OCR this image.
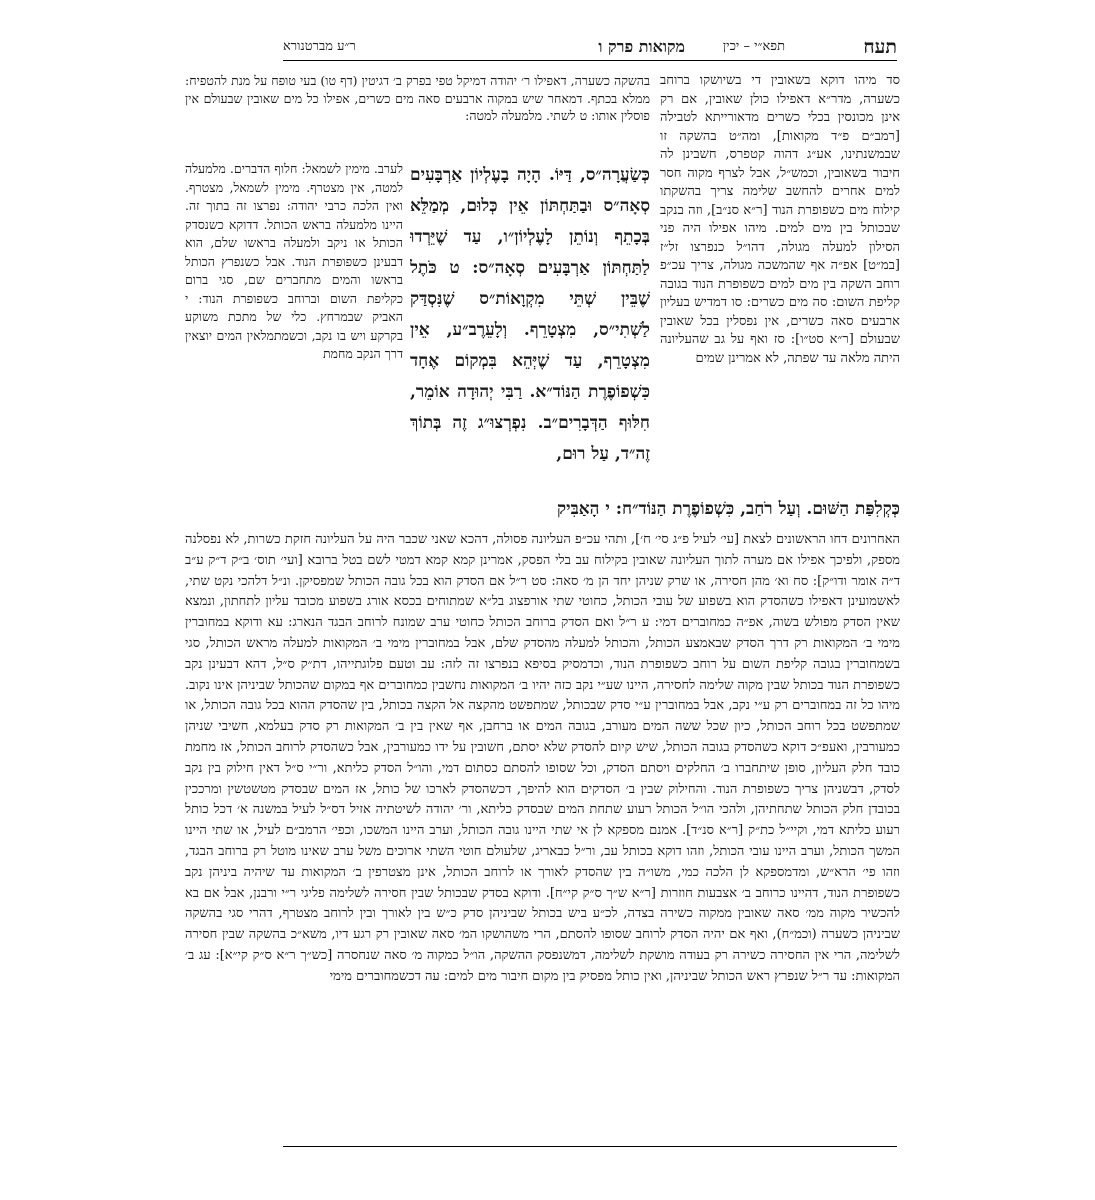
תעח
תפא״י – יכין
מקואות פרק ו
ר״ע מברטנורא
סד מיהו דוקא בשאובין די בשיושקו ברוחב כשערה, מדר״א דאפילו כולן שאובין, אם רק אינן מכונסין בכלי כשרים מדאורייתא לטבילה [רמב״ם פ״ד מקואות], ומה״ט בהשקה זו שבמשנתינו, אע״ג דהוה קטפרס, חשבינן לה חיבור בשאובין, וכמש״ל, אבל לצרף מקוה חסר למים אחרים להחשב שלימה צריך בהשקתו קילוח מים כשפופרת הנוד [ר״א סנ״ב], וזה בנקב שבכותל בין מים למים. מיהו אפילו היה פני הסילון למעלה מגולה, דהו״ל כנפרצו זל״ז [במ״ט] אפ״ה אף שהמשכה מגולה, צריך עכ״פ רוחב השקה בין מים למים כשפופרת הנוד בגובה קליפת השום: סה מים כשרים: סו דמדיש בעליון ארבעים סאה כשרים, אין נפסלין בכל שאובין שבעולם [ר״א סט״ו]: סז ואף על גב שהעליונה היתה מלאה עד שפתה, לא אמרינן שמים
בהשקה כשערה, דאפילו ר׳ יהודה דמיקל טפי בפרק ב׳ דגיטין (דף טו) בעי טופח על מנת להטפיח: ממלא בכתף. דמאחר שיש במקוה ארבעים סאה מים כשרים, אפילו כל מים שאובין שבעולם אין פוסלין אותו: ט לשתי. מלמעלה למטה:
כְּשַׂעֲרָה״ס, דַּיּוֹ. הָיָה בָעֶלְיוֹן אַרְבָּעִים סְאָה״ס וּבַתַּחְתּוֹן אֵין כְּלוּם, מְמַלֵּא בְּכָתֵף וְנוֹתֵן לָעֶלְיוֹן״ו, עַד שֶׁיֵּרְדוּ לַתַּחְתּוֹן אַרְבָּעִים סְאָה״ס: ט כֹּתֶל שֶׁבֵּין שְׁתֵּי מִקְוָאוֹת״ס שֶׁנִּסְדַּק לַשְׁתִי״ס, מִצְטָרֵף. וְלָעֵרֶב״ע, אֵין מִצְטָרֵף, עַד שֶׁיְּהֵא בִּמְקוֹם אֶחָד כִּשְׁפוֹפֶרֶת הַנּוֹד״א. רַבִּי יְהוּדָה אוֹמֵר, חִלּוּף הַדְּבָרִים״ב. נִפְרְצוּ״ג זֶה בְּתוֹךְ זֶה״ד, עַל רוּם,
לערב. מימין לשמאל: חלוף הדברים. מלמעלה למטה, אין מצטרף. מימין לשמאל, מצטרף. ואין הלכה כרבי יהודה: נפרצו זה בתוך זה. היינו מלמעלה בראש הכותל. דדוקא כשנסדק הכותל או ניקב ולמעלה בראשו שלם, הוא דבעינן כשפופרת הנוד. אבל כשנפרץ הכותל בראשו והמים מתחברים שם, סגי ברום כקליפת השום וברוחב כשפופרת הנוד: י האביק שבמרחץ. כלי של מתכת משוקע בקרקע ויש בו נקב, וכשמתמלאין המים יוצאין דרך הנקב מחמת
כְּקְלִפַּת הַשּׁוּם. וְעַל רֹחַב, כִּשְׁפוֹפֶרֶת הַנּוֹד״ח: י הָאַבִּיק
האחרונים דחו הראשונים לצאת [עי׳ לעיל פ״ג סי׳ ח׳], ותהי עכ״פ העליונה פסולה, דהכא שאני שכבר היה על העליונה חזקת כשרות, לא נפסלנה מספק, ולפיכך אפילו אם מערה לתוך העליונה שאובין בקילוח עב בלי הפסק, אמרינן קמא קמא דמטי לשם בטל ברובא [ועי׳ תוס׳ ב״ק ד״ק ע״ב ד״ה אומר ודו״ק]: סח וא׳ מהן חסירה, או שרק שניהן יחד הן מ׳ סאה: סט ר״ל אם הסדק הוא בכל גובה הכותל שמפסיקן. ונ״ל דלהכי נקט שתי, לאשמועינן דאפילו כשהסדק הוא בשפוע של עובי הכותל, כחוטי שתי אורפצוג בל״א שמתוחים בכסא אורג בשפוע מכובד עליון לתחתון, ונמצא שאין הסדק מפולש בשוה, אפ״ה כמחוברים דמי: ע ר״ל ואם הסדק ברוחב הכותל כחוטי ערב שמונח לרוחב הבגד הנארג: עא ודוקא במחוברין מימי ב׳ המקואות רק דרך הסדק שבאמצע הכותל, והכותל למעלה מהסדק שלם, אבל במחוברין מימי ב׳ המקואות למעלה מראש הכותל, סגי בשמחוברין בגובה קליפת השום על רוחב כשפופרת הנוד, וכדמסיק בסיפא בנפרצו זה לזה: עב וטעם פלוגתייהו, דת״ק ס״ל, דהא דבעינן נקב כשפופרת הנוד בכותל שבין מקוה שלימה לחסירה, היינו שע״י נקב כזה יהיו ב׳ המקואות נחשבין כמחוברים אף במקום שהכותל שביניהן אינו נקוב. מיהו כל זה במחוברים רק ע״י נקב, אבל במחוברין ע״י סדק שבכותל, שמתפשט מהקצה אל הקצה בכותל, בין שהסדק ההוא בכל גובה הכותל, או שמתפשט בכל רוחב הכותל, כיון שכל ששה המים מעורב, בגובה המים או ברחבן, אף שאין בין ב׳ המקואות רק סדק בעלמא, חשיבי שניהן כמעורבין, ואעפ״כ דוקא כשהסדק בגובה הכותל, שיש קיום להסדק שלא יסתם, חשובין על ידו כמעורבין, אבל כשהסדק לרוחב הכותל, אז מחמת כובד חלק העליון, סופן שיתחברו ב׳ החלקים ויסתם הסדק, וכל שסופו להסתם כסתום דמי, והו״ל הסדק כליתא, ור״י ס״ל דאין חילוק בין נקב לסדק, דבשניהן צריך כשפופרת הנוד. והחילוק שבין ב׳ הסדקים הוא להיפך, דכשהסדק לארכו של כותל, אז המים שבסדק מטשטשין ומרככין בכובדן חלק הכותל שתחתיהן, ולהכי הו״ל הכותל רעוע שתחת המים שבסדק כליתא, ור׳ יהודה לשיטתיה אזיל דס״ל לעיל במשנה א׳ דכל כותל רעוע כליתא דמי, וקיי״ל כת״ק [ר״א סנ״ד]. אמנם מספקא לן אי שתי היינו גובה הכותל, וערב היינו המשכו, וכפי׳ הרמב״ם לעיל, או שתי היינו המשך הכותל, וערב היינו עובי הכותל, וזהו דוקא בכותל עב, ור״ל כבאריג, שלעולם חוטי השתי ארוכים משל ערב שאינו מוטל רק ברוחב הבגד, וזהו פי׳ הרא״ש, ומדמספקא לן הלכה כמי, משו״ה בין שהסדק לאורך או לרוחב הכותל, אינן מצטרפין ב׳ המקואות עד שיהיה ביניהן נקב כשפופרת הנוד, דהיינו כרוחב ב׳ אצבעות חוזרות [ר״א ש״ך ס״ק קי״ח]. ודוקא בסדק שבכותל שבין חסירה לשלימה פליגי ר״י ורבנן, אבל אם בא להכשיר מקוה ממ׳ סאה שאובין ממקוה כשירה בצדה, לכ״ע ביש בכותל שביניהן סדק כ״ש בין לאורך ובין לרוחב מצטרף, דהרי סגי בהשקה שביניהן כשערה (וכמ״ח), ואף אם יהיה הסדק לרוחב שסופו להסתם, הרי משהושקו המ׳ סאה שאובין רק רגע דיו, משא״כ בהשקה שבין חסירה לשלימה, הרי אין החסירה כשירה רק בעודה מושקת לשלימה, דמשנפסק ההשקה, הו״ל כמקוה מ׳ סאה שנחסרה [כש״ך ר״א ס״ק קי״א]: עג ב׳ המקואות: עד ר״ל שנפרץ ראש הכותל שביניהן, ואין כותל מפסיק בין מקום חיבור מים למים: עה דכשמחוברים מימי
